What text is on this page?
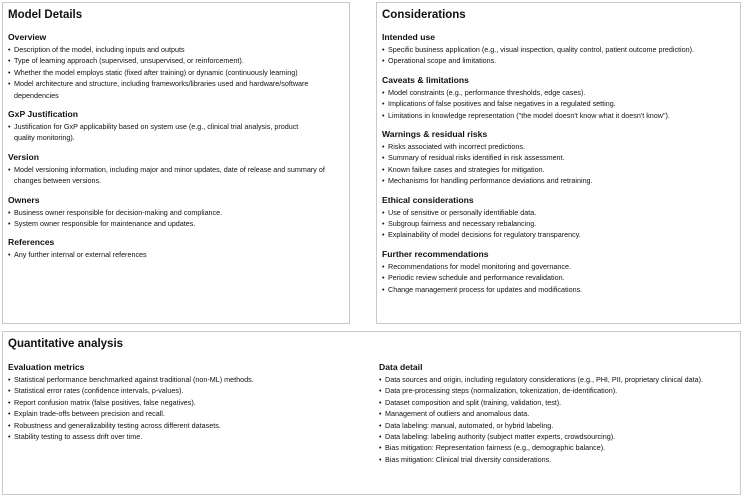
Model Details
Overview
• Description of the model, including inputs and outputs
• Type of learning approach (supervised, unsupervised, or reinforcement).
• Whether the model employs static (fixed after training) or dynamic (continuously learning)
• Model architecture and structure, including frameworks/libraries used and hardware/software dependencies
GxP Justification
• Justification for GxP applicability based on system use (e.g., clinical trial analysis, product quality monitoring).
Version
• Model versioning information, including major and minor updates, date of release and summary of changes between versions.
Owners
• Business owner responsible for decision-making and compliance.
• System owner responsible for maintenance and updates.
References
• Any further internal or external references
Considerations
Intended use
• Specific business application (e.g., visual inspection, quality control, patient outcome prediction).
• Operational scope and limitations.
Caveats & limitations
• Model constraints (e.g., performance thresholds, edge cases).
• Implications of false positives and false negatives in a regulated setting.
• Limitations in knowledge representation ("the model doesn't know what it doesn't know").
Warnings & residual risks
• Risks associated with incorrect predictions.
• Summary of residual risks identified in risk assessment.
• Known failure cases and strategies for mitigation.
• Mechanisms for handling performance deviations and retraining.
Ethical considerations
• Use of sensitive or personally identifiable data.
• Subgroup fairness and necessary rebalancing.
• Explainability of model decisions for regulatory transparency.
Further recommendations
• Recommendations for model monitoring and governance.
• Periodic review schedule and performance revalidation.
• Change management process for updates and modifications.
Quantitative analysis
Evaluation metrics
• Statistical performance benchmarked against traditional (non-ML) methods.
• Statistical error rates (confidence intervals, p-values).
• Report confusion matrix (false positives, false negatives).
• Explain trade-offs between precision and recall.
• Robustness and generalizability testing across different datasets.
• Stability testing to assess drift over time.
Data detail
• Data sources and origin, including regulatory considerations (e.g., PHI, PII, proprietary clinical data).
• Data pre-processing steps (normalization, tokenization, de-identification).
• Dataset composition and split (training, validation, test).
• Management of outliers and anomalous data.
• Data labeling: manual, automated, or hybrid labeling.
• Data labeling: labeling authority (subject matter experts, crowdsourcing).
• Bias mitigation: Representation fairness (e.g., demographic balance).
• Bias mitigation: Clinical trial diversity considerations.
